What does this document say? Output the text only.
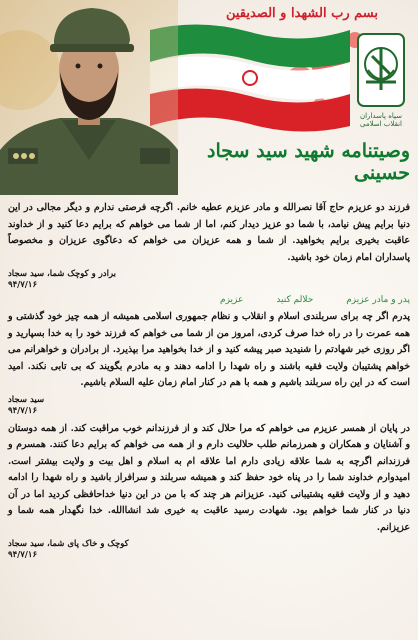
سپاه پاسداران انقلاب اسلامی
بسم رب الشهدا و الصدیقین
وصیتنامه شهید سید سجاد حسینی

فرزند دو عزیزم حاج آقا نصرالله و مادر عزیزم عطیه خانم. اگرچه فرصتی ندارم و دیگر مجالی در این دنیا برایم پیش نیامد، با شما دو عزیز دیدار کنم، اما از شما می خواهم که برایم دعا کنید و از خداوند عاقبت بخیری برایم بخواهید. از شما و همه عزیزان می خواهم که دعاگوی عزیزان و مخصوصاً پاسداران امام زمان خود باشید.

برادر و کوچک شما، سید سجاد

۹۴/۷/۱۶

پدر و مادر عزیزم
حلالم کنید
عزیزم

پدرم اگر چه برای سربلندی اسلام و انقلاب و نظام جمهوری اسلامی همیشه از همه چیز خود گذشتی و همه عمرت را در راه خدا صرف کردی، امروز من از شما می خواهم که فرزند خود را به خدا بسپارید و اگر روزی خبر شهادتم را شنیدید صبر پیشه کنید و از خدا بخواهید مرا بپذیرد. از برادران و خواهرانم می خواهم پشتیبان ولایت فقیه باشند و راه شهدا را ادامه دهند و به مادرم بگویند که بی تابی نکند. امید است که در این راه سربلند باشیم و همه با هم در کنار امام زمان علیه السلام باشیم.

سید سجاد

۹۴/۷/۱۶

در پایان از همسر عزیزم می خواهم که مرا حلال کند و از فرزندانم خوب مراقبت کند. از همه دوستان و آشنایان و همکاران و همرزمانم طلب حلالیت دارم و از همه می خواهم که برایم دعا کنند. همسرم و فرزندانم اگرچه به شما علاقه زیادی دارم اما علاقه ام به اسلام و اهل بیت و ولایت بیشتر است. امیدوارم خداوند شما را در پناه خود حفظ کند و همیشه سربلند و سرافراز باشید و راه شهدا را ادامه دهید و از ولایت فقیه پشتیبانی کنید. عزیزانم هر چند که با من در این دنیا خداحافظی کردید اما در آن دنیا در کنار شما خواهم بود. شهادت رسید عاقبت به خیری شد انشاالله. خدا نگهدار همه شما و عزیزانم.

کوچک و خاک پای شما، سید سجاد

۹۴/۷/۱۶
